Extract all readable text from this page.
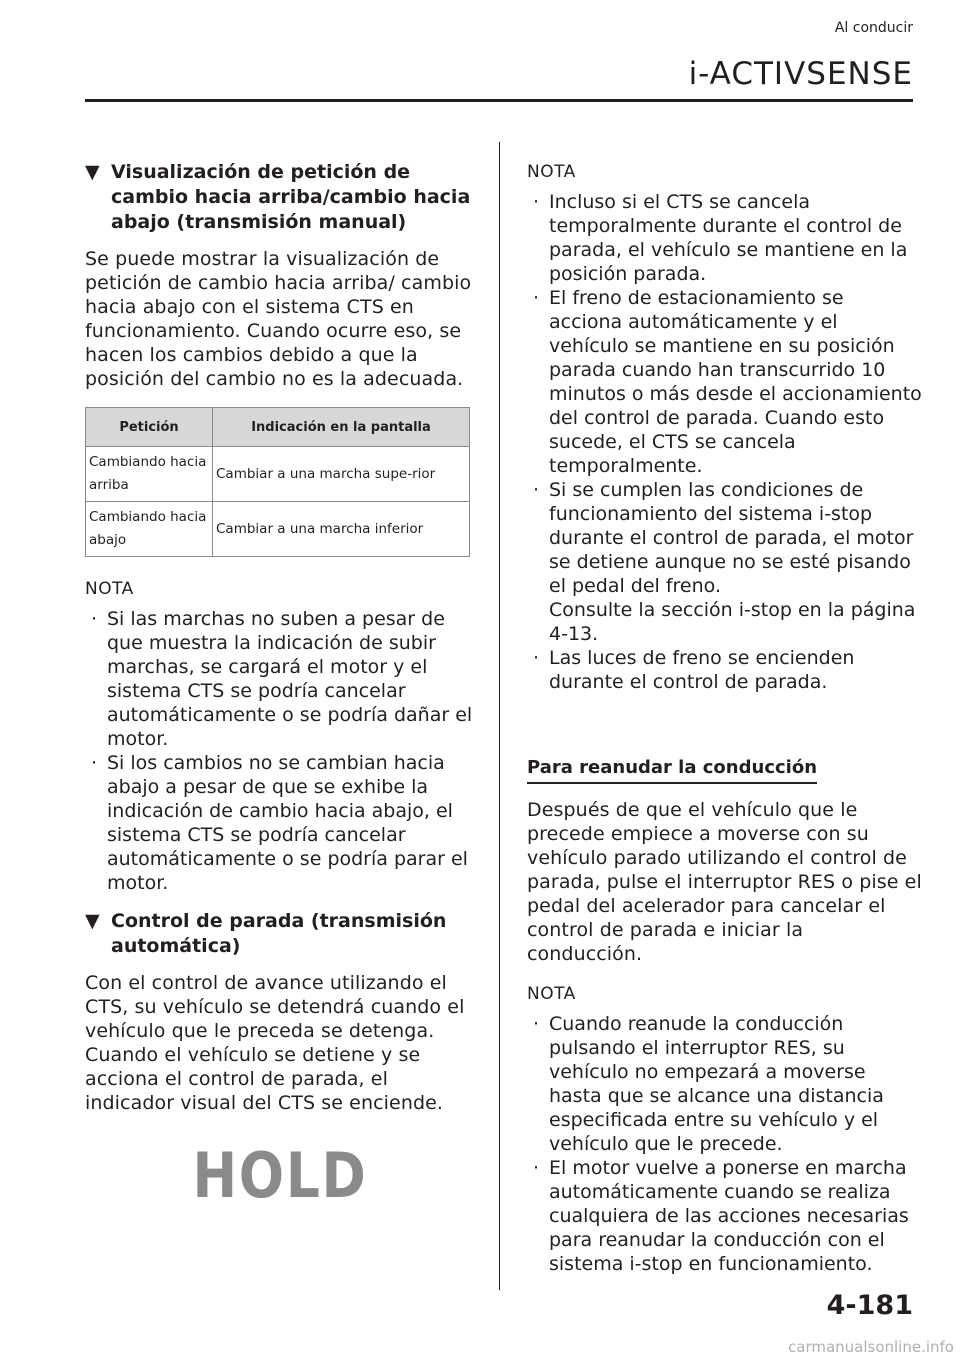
Al conducir
i-ACTIVSENSE
▼ Visualización de petición de cambio hacia arriba/cambio hacia abajo (transmisión manual)

Se puede mostrar la visualización de petición de cambio hacia arriba/ cambio hacia abajo con el sistema CTS en funcionamiento. Cuando ocurre eso, se hacen los cambios debido a que la posición del cambio no es la adecuada.

Petición	Indicación en la pantalla
Cambiando hacia arriba	Cambiar a una marcha supe-rior
Cambiando hacia abajo	Cambiar a una marcha inferior
NOTA
· Si las marchas no suben a pesar de que muestra la indicación de subir marchas, se cargará el motor y el sistema CTS se podría cancelar automáticamente o se podría dañar el motor.
· Si los cambios no se cambian hacia abajo a pesar de que se exhibe la indicación de cambio hacia abajo, el sistema CTS se podría cancelar automáticamente o se podría parar el motor.
▼ Control de parada (transmisión automática)

Con el control de avance utilizando el CTS, su vehículo se detendrá cuando el vehículo que le preceda se detenga. Cuando el vehículo se detiene y se acciona el control de parada, el indicador visual del CTS se enciende.

HOLD
NOTA
· Incluso si el CTS se cancela temporalmente durante el control de parada, el vehículo se mantiene en la posición parada.
· El freno de estacionamiento se acciona automáticamente y el vehículo se mantiene en su posición parada cuando han transcurrido 10 minutos o más desde el accionamiento del control de parada. Cuando esto sucede, el CTS se cancela temporalmente.
· Si se cumplen las condiciones de funcionamiento del sistema i-stop durante el control de parada, el motor se detiene aunque no se esté pisando el pedal del freno.
Consulte la sección i-stop en la página 4-13.
· Las luces de freno se encienden durante el control de parada.
Para reanudar la conducción

Después de que el vehículo que le precede empiece a moverse con su vehículo parado utilizando el control de parada, pulse el interruptor RES o pise el pedal del acelerador para cancelar el control de parada e iniciar la conducción.

NOTA
· Cuando reanude la conducción pulsando el interruptor RES, su vehículo no empezará a moverse hasta que se alcance una distancia especificada entre su vehículo y el vehículo que le precede.
· El motor vuelve a ponerse en marcha automáticamente cuando se realiza cualquiera de las acciones necesarias para reanudar la conducción con el sistema i-stop en funcionamiento.
4-181
carmanualsonline.info
